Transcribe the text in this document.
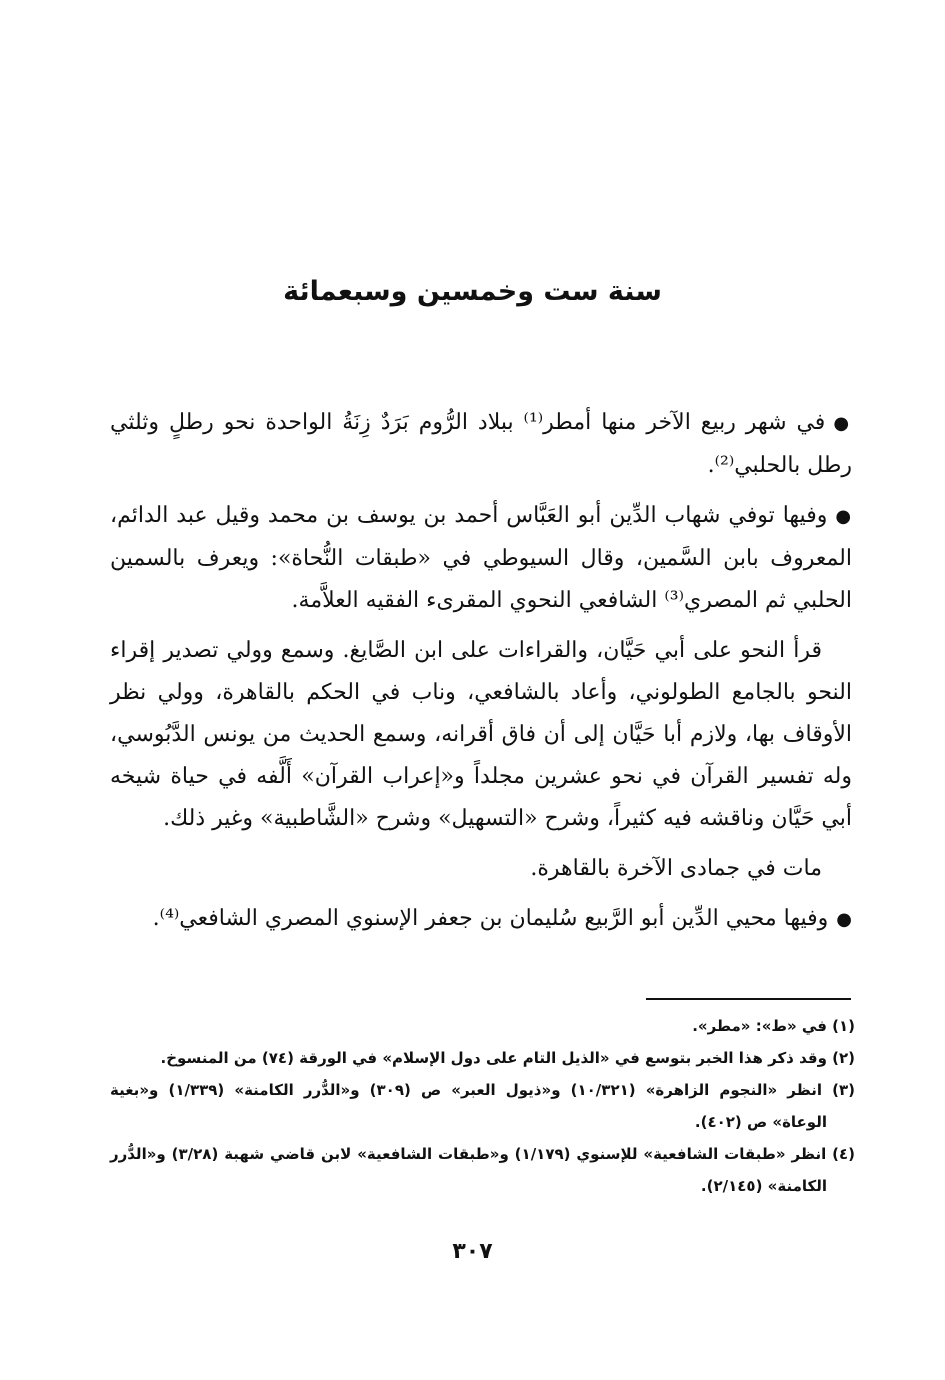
سنة ست وخمسين وسبعمائة

●في شهر ربيع الآخر منها أمطر⁽¹⁾ ببلاد الرُّوم بَرَدٌ زِنَةُ الواحدة نحو رطلٍ وثلثي رطل بالحلبي⁽²⁾.

●وفيها توفي شهاب الدِّين أبو العَبَّاس أحمد بن يوسف بن محمد وقيل عبد الدائم، المعروف بابن السَّمين، وقال السيوطي في «طبقات النُّحاة»: ويعرف بالسمين الحلبي ثم المصري⁽³⁾ الشافعي النحوي المقرىء الفقيه العلاَّمة.

قرأ النحو على أبي حَيَّان، والقراءات على ابن الصَّايغ. وسمع وولي تصدير إقراء النحو بالجامع الطولوني، وأعاد بالشافعي، وناب في الحكم بالقاهرة، وولي نظر الأوقاف بها، ولازم أبا حَيَّان إلى أن فاق أقرانه، وسمع الحديث من يونس الدَّبُوسي، وله تفسير القرآن في نحو عشرين مجلداً و«إعراب القرآن» أَلَّفه في حياة شيخه أبي حَيَّان وناقشه فيه كثيراً، وشرح «التسهيل» وشرح «الشَّاطبية» وغير ذلك.

مات في جمادى الآخرة بالقاهرة.

●وفيها محيي الدِّين أبو الرَّبيع سُليمان بن جعفر الإسنوي المصري الشافعي⁽⁴⁾.

(١) في «ط»: «مطر».

(٢) وقد ذكر هذا الخبر بتوسع في «الذيل التام على دول الإسلام» في الورقة (٧٤) من المنسوخ.

(٣) انظر «النجوم الزاهرة» (١٠/٣٢١) و«ذيول العبر» ص (٣٠٩) و«الدُّرر الكامنة» (١/٣٣٩) و«بغية الوعاة» ص (٤٠٢).

(٤) انظر «طبقات الشافعية» للإسنوي (١/١٧٩) و«طبقات الشافعية» لابن قاضي شهبة (٣/٢٨) و«الدُّرر الكامنة» (٢/١٤٥).

٣٠٧
